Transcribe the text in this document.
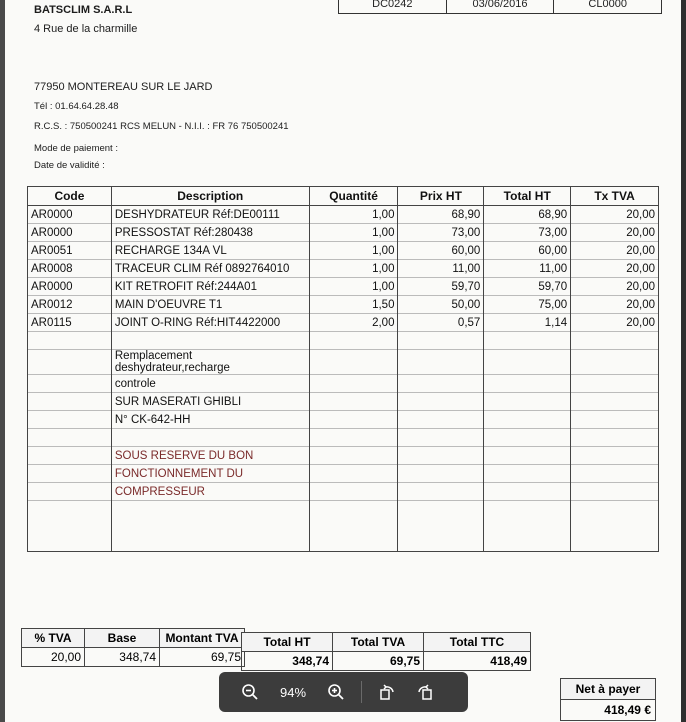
DC0242	03/06/2016	CL0000
BATSCLIM S.A.R.L
4 Rue de la charmille
77950 MONTEREAU SUR LE JARD
Tél : 01.64.64.28.48
R.C.S. : 750500241 RCS MELUN - N.I.I. : FR 76 750500241
Mode de paiement :
Date de validité :
Code	Description	Quantité	Prix HT	Total HT	Tx TVA
AR0000	DESHYDRATEUR Réf:DE00111	1,00	68,90	68,90	20,00
AR0000	PRESSOSTAT Réf:280438	1,00	73,00	73,00	20,00
AR0051	RECHARGE 134A VL	1,00	60,00	60,00	20,00
AR0008	TRACEUR CLIM Réf 0892764010	1,00	11,00	11,00	20,00
AR0000	KIT RETROFIT Réf:244A01	1,00	59,70	59,70	20,00
AR0012	MAIN D'OEUVRE T1	1,50	50,00	75,00	20,00
AR0115	JOINT O-RING Réf:HIT4422000	2,00	0,57	1,14	20,00

	Remplacement deshydrateur,recharge				
	controle				
	SUR MASERATI GHIBLI				
	N° CK-642-HH				

	SOUS RESERVE DU BON				
	FONCTIONNEMENT DU				
	COMPRESSEUR				

% TVA	Base	Montant TVA
20,00	348,74	69,75
Total HT	Total TVA	Total TTC
348,74	69,75	418,49
Net à payer
418,49 €
94%
